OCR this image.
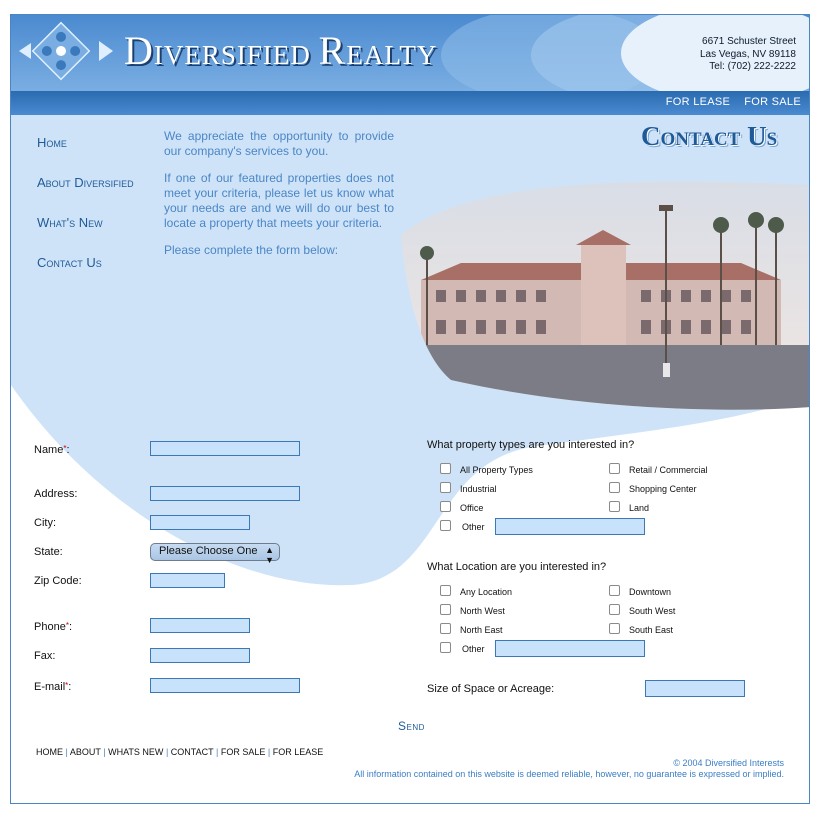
DIVERSIFIED REALTY	6671 Schuster Street
Las Vegas, NV 89118
Tel: (702) 222-2222
FOR LEASE FOR SALE
Home
About Diversified
What's New
Contact Us

We appreciate the opportunity to provide our company's services to you.

If one of our featured properties does not meet your criteria, please let us know what your needs are and we will do our best to locate a property that meets your criteria.

Please complete the form below:

Contact Us
Name*:
Address:
City:
State:
Zip Code:
Phone*:
Fax:
E-mail*:
Please Choose One ▲
▼
What property types are you interested in?
All Property Types	Retail / Commercial
Industrial	Shopping Center
Office	Land
Other
What Location are you interested in?
Any Location	Downtown
North West	South West
North East	South East
Other
Size of Space or Acreage:
Send
HOME | ABOUT | WHATS NEW | CONTACT | FOR SALE | FOR LEASE
© 2004 Diversified Interests
All information contained on this website is deemed reliable, however, no guarantee is expressed or implied.
